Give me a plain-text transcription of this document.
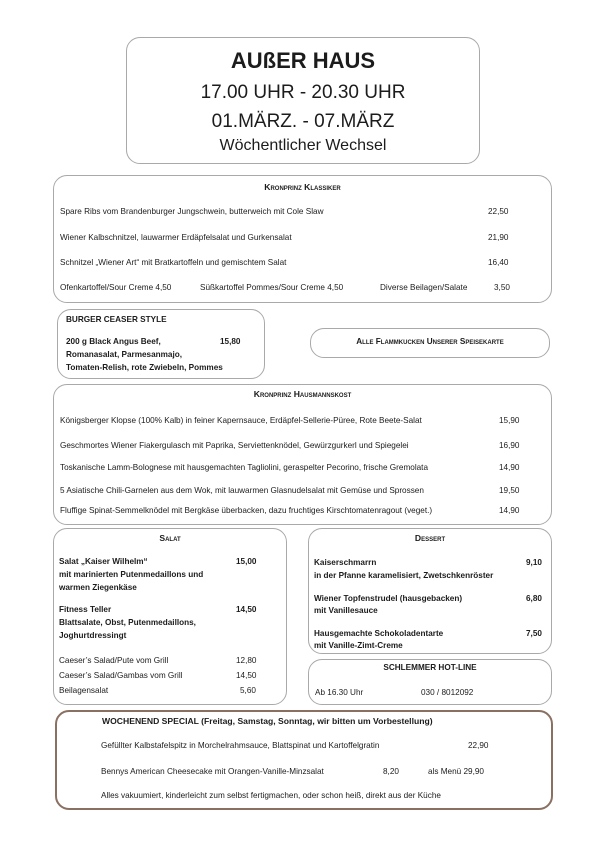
AUßER HAUS
17.00 UHR - 20.30 UHR
01.MÄRZ. - 07.MÄRZ
Wöchentlicher Wechsel
Kronprinz Klassiker
Spare Ribs vom Brandenburger Jungschwein, butterweich mit Cole Slaw	22,50
Wiener Kalbschnitzel, lauwarmer Erdäpfelsalat und Gurkensalat	21,90
Schnitzel „Wiener Art“ mit Bratkartoffeln und gemischtem Salat	16,40
Ofenkartoffel/Sour Creme 4,50	Süßkartoffel Pommes/Sour Creme 4,50	Diverse Beilagen/Salate	3,50
BURGER CEASER STYLE
200 g Black Angus Beef,	15,80
Romanasalat, Parmesanmajo,
Tomaten-Relish, rote Zwiebeln, Pommes
Alle Flammkucken Unserer Speisekarte
Kronprinz Hausmannskost
Königsberger Klopse (100% Kalb) in feiner Kapernsauce, Erdäpfel-Sellerie-Püree, Rote Beete-Salat	15,90
Geschmortes Wiener Fiakergulasch mit Paprika, Serviettenknödel, Gewürzgurkerl und Spiegelei	16,90
Toskanische Lamm-Bolognese mit hausgemachten Tagliolini, geraspelter Pecorino, frische Gremolata	14,90
5 Asiatische Chili-Garnelen aus dem Wok, mit lauwarmen Glasnudelsalat mit Gemüse und Sprossen	19,50
Fluffige Spinat-Semmelknödel mit Bergkäse überbacken, dazu fruchtiges Kirschtomatenragout (veget.)	14,90
Salat
Salat „Kaiser Wilhelm“	15,00
mit marinierten Putenmedaillons und
warmen Ziegenkäse
Fitness Teller	14,50
Blattsalate, Obst, Putenmedaillons,
Joghurtdressingt
Caeser’s Salad/Pute vom Grill	12,80
Caeser’s Salad/Gambas vom Grill	14,50
Beilagensalat	5,60
Dessert
Kaiserschmarrn	9,10
in der Pfanne karamelisiert, Zwetschkenröster
Wiener Topfenstrudel (hausgebacken)	6,80
mit Vanillesauce
Hausgemachte Schokoladentarte	7,50
mit Vanille-Zimt-Creme
SCHLEMMER HOT-LINE
Ab 16.30 Uhr	030 / 8012092
WOCHENEND SPECIAL (Freitag, Samstag, Sonntag, wir bitten um Vorbestellung)
Gefüllter Kalbstafelspitz in Morchelrahmsauce, Blattspinat und Kartoffelgratin	22,90
Bennys American Cheesecake mit Orangen-Vanille-Minzsalat	8,20	als Menü 29,90
Alles vakuumiert, kinderleicht zum selbst fertigmachen, oder schon heiß, direkt aus der Küche
